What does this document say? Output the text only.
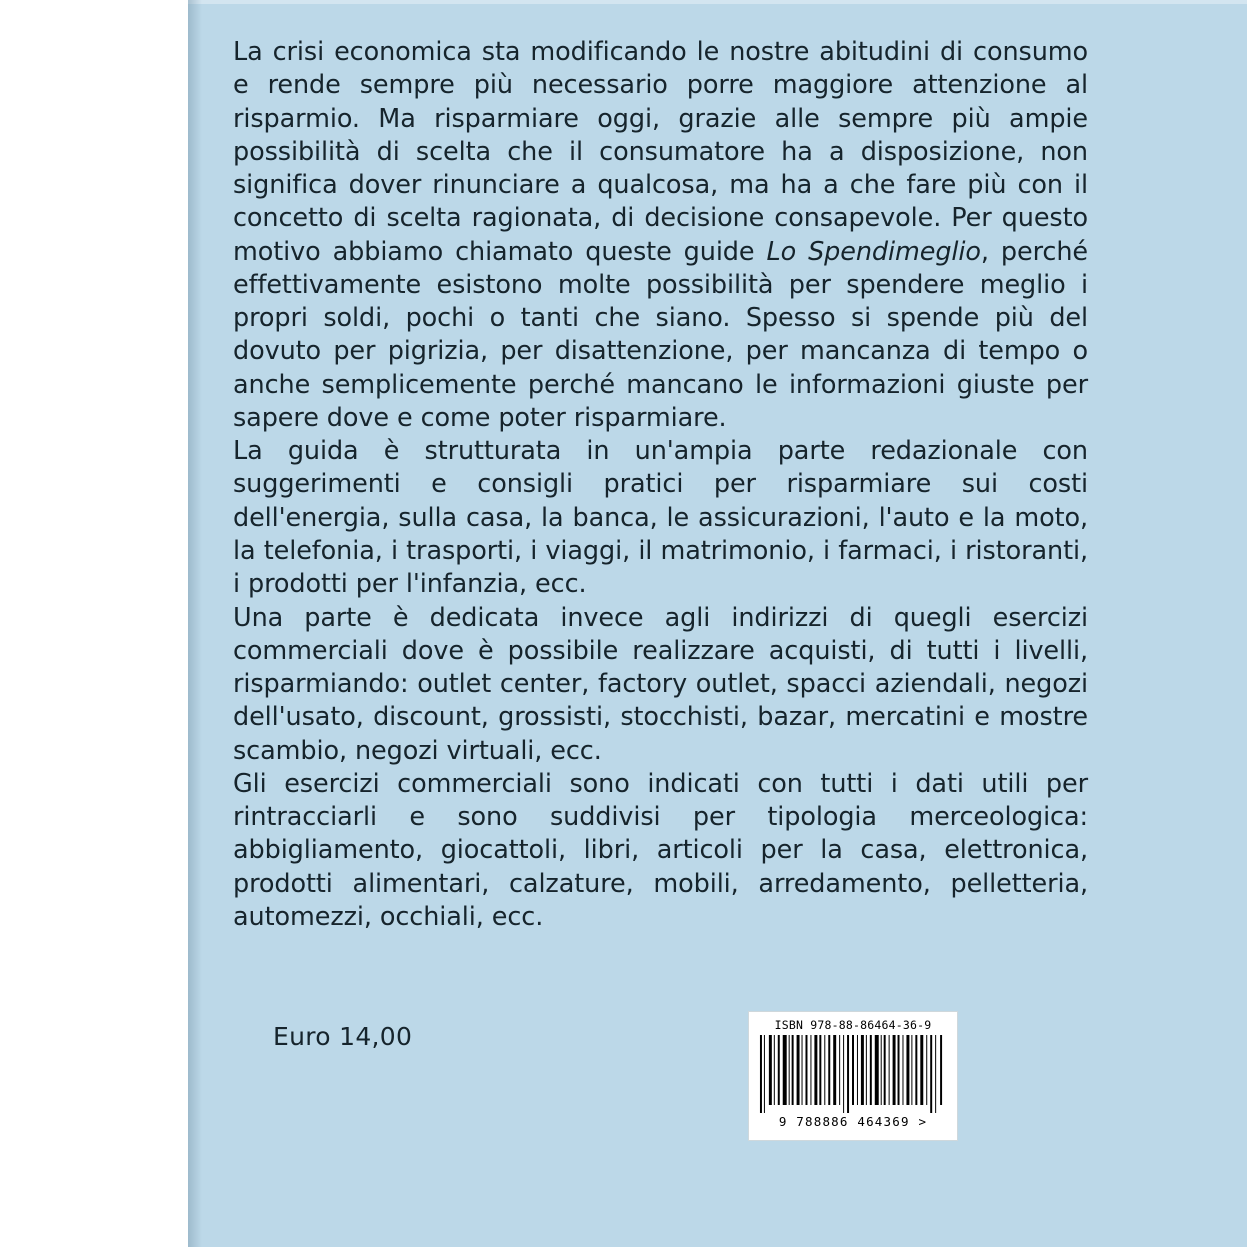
La crisi economica sta modificando le nostre abitudini di consumo e rende sempre più necessario porre maggiore attenzione al risparmio. Ma risparmiare oggi, grazie alle sempre più ampie possibilità di scelta che il consumatore ha a disposizione, non significa dover rinunciare a qualcosa, ma ha a che fare più con il concetto di scelta ragionata, di decisione consapevole. Per questo motivo abbiamo chiamato queste guide Lo Spendimeglio, perché effettivamente esistono molte possibilità per spendere meglio i propri soldi, pochi o tanti che siano. Spesso si spende più del dovuto per pigrizia, per disattenzione, per mancanza di tempo o anche semplicemente perché mancano le informazioni giuste per sapere dove e come poter risparmiare.

La guida è strutturata in un'ampia parte redazionale con suggerimenti e consigli pratici per risparmiare sui costi dell'energia, sulla casa, la banca, le assicurazioni, l'auto e la moto, la telefonia, i trasporti, i viaggi, il matrimonio, i farmaci, i ristoranti, i prodotti per l'infanzia, ecc.

Una parte è dedicata invece agli indirizzi di quegli esercizi commerciali dove è possibile realizzare acquisti, di tutti i livelli, risparmiando: outlet center, factory outlet, spacci aziendali, negozi dell'usato, discount, grossisti, stocchisti, bazar, mercatini e mostre scambio, negozi virtuali, ecc.

Gli esercizi commerciali sono indicati con tutti i dati utili per rintracciarli e sono suddivisi per tipologia merceologica: abbigliamento, giocattoli, libri, articoli per la casa, elettronica, prodotti alimentari, calzature, mobili, arredamento, pelletteria, automezzi, occhiali, ecc.

Euro 14,00	ISBN 978-88-86464-36-9
9 788886 464369 >
